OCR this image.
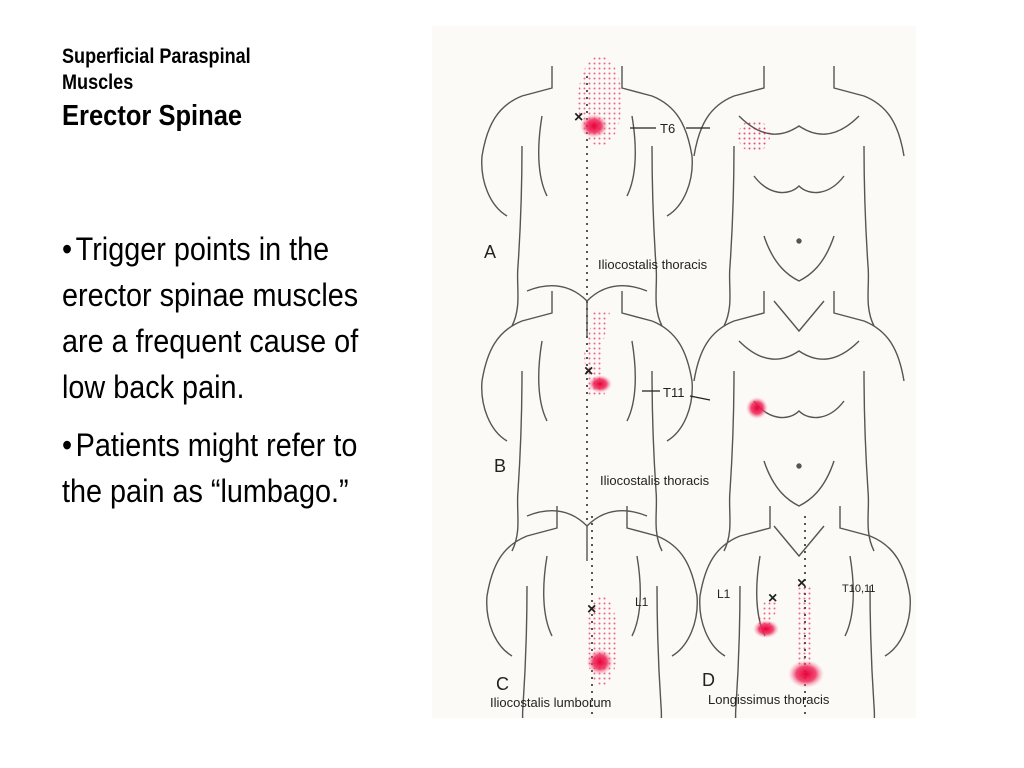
Superficial Paraspinal
Muscles
Erector Spinae
• Trigger points in the erector spinae muscles are a frequent cause of low back pain.
• Patients might refer to the pain as “lumbago.”
×
T6
A
Iliocostalis thoracis
×
T11
B
Iliocostalis thoracis
×	L1
C
Iliocostalis lumborum
×
×
L1	T10,11
D
Longissimus thoracis
